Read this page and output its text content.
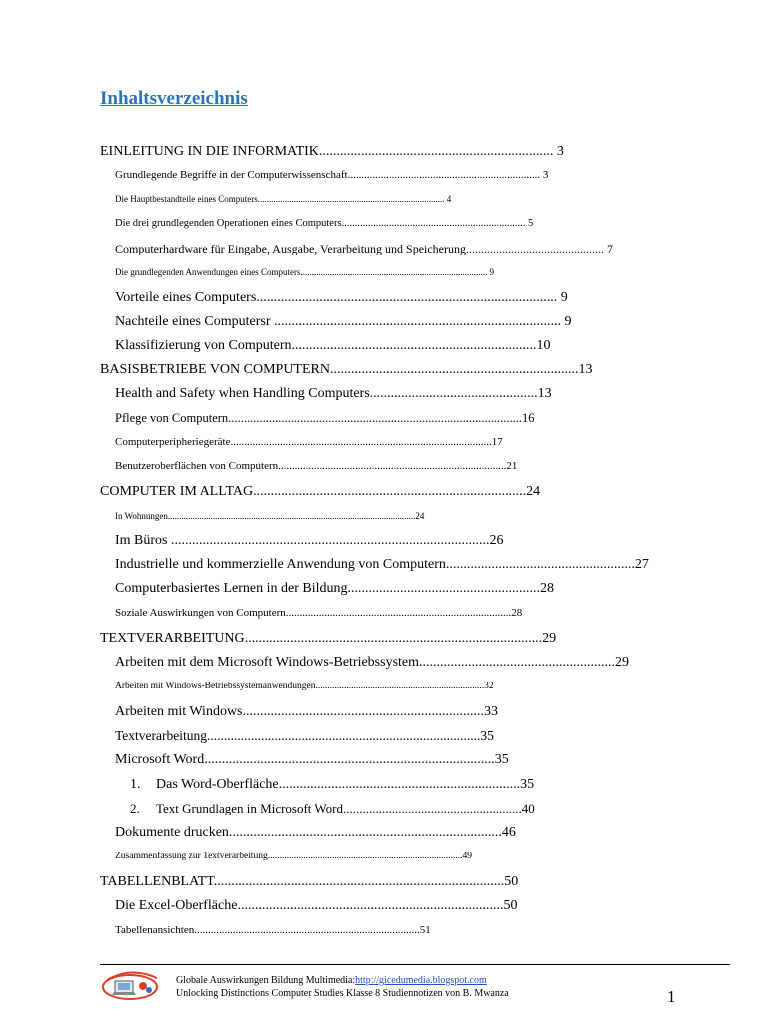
Inhaltsverzeichnis
EINLEITUNG IN DIE INFORMATIK................................................................... 3
Grundlegende Begriffe in der Computerwissenschaft...................................................................... 3
Die Hauptbestandteile eines Computers................................................................................... 4
Die drei grundlegenden Operationen eines Computers...................................................................... 5
Computerhardware für Eingabe, Ausgabe, Verarbeitung und Speicherung.............................................. 7
Die grundlegenden Anwendungen eines Computers................................................................................... 9
Vorteile eines Computers...................................................................................... 9
Nachteile eines Computersr .................................................................................. 9
Klassifizierung von Computern......................................................................10
BASISBETRIEBE VON COMPUTERN.......................................................................13
Health and Safety when Handling Computers................................................13
Pflege von Computern..............................................................................................16
Computerperipheriegeräte...............................................................................................17
Benutzeroberflächen von Computern...................................................................................21
COMPUTER IM ALLTAG..............................................................................24
In Wohnungen..............................................................................................................24
Im Büros ...........................................................................................26
Industrielle und kommerzielle Anwendung von Computern......................................................27
Computerbasiertes Lernen in der Bildung.......................................................28
Soziale Auswirkungen von Computern..................................................................................28
TEXTVERARBEITUNG.....................................................................................29
Arbeiten mit dem Microsoft Windows-Betriebssystem........................................................29
Arbeiten mit Windows-Betriebssystemanwendungen.......................................................................32
Arbeiten mit Windows.....................................................................33
Textverarbeitung.................................................................................35
Microsoft Word...................................................................................35
1. Das Word-Oberfläche.....................................................................35
2. Text Grundlagen in Microsoft Word.......................................................40
Dokumente drucken..............................................................................46
Zusammenfassung zur Textverarbeitung..................................................................................49
TABELLENBLATT...................................................................................50
Die Excel-Oberfläche............................................................................50
Tabellenansichten..................................................................................51
Globale Auswirkungen Bildung Multimedia:http://gicedumedia.blogspot.com
Unlocking Distinctions Computer Studies Klasse 8 Studiennotizen von B. Mwanza	1
